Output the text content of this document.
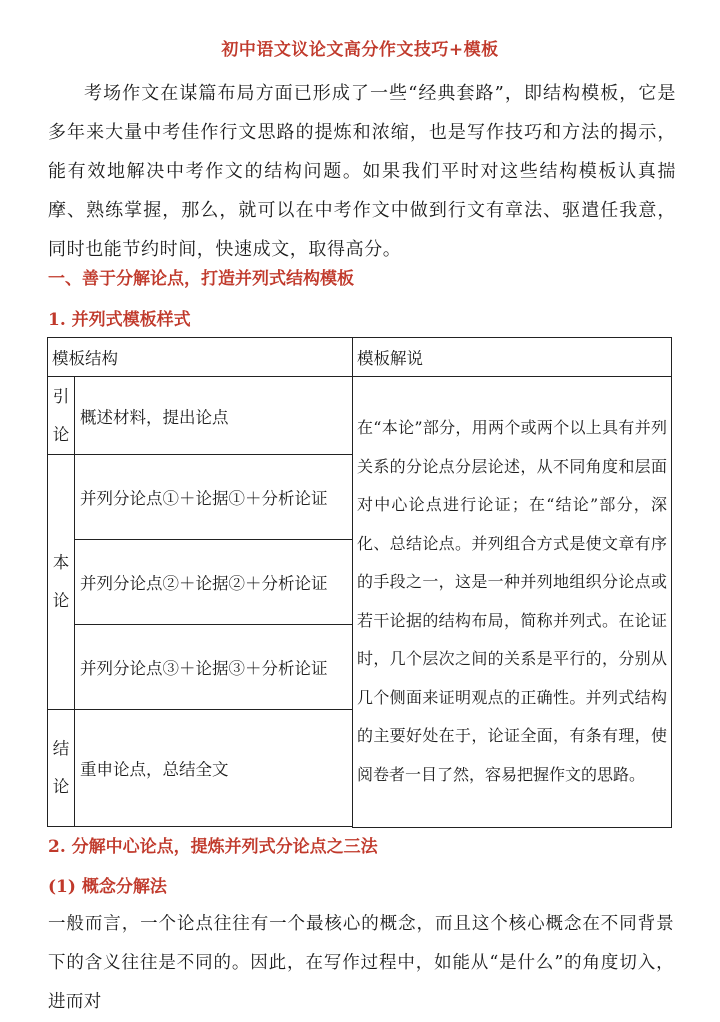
初中语文议论文高分作文技巧+模板

考场作文在谋篇布局方面已形成了一些“经典套路”，即结构模板，它是多年来大量中考佳作行文思路的提炼和浓缩，也是写作技巧和方法的揭示，能有效地解决中考作文的结构问题。如果我们平时对这些结构模板认真揣摩、熟练掌握，那么，就可以在中考作文中做到行文有章法、驱遣任我意，同时也能节约时间，快速成文，取得高分。

一、善于分解论点，打造并列式结构模板

1. 并列式模板样式

模板结构		模板解说
引论	概述材料，提出论点	在“本论”部分，用两个或两个以上具有并列关系的分论点分层论述，从不同角度和层面对中心论点进行论证；在“结论”部分，深化、总结论点。并列组合方式是使文章有序的手段之一，这是一种并列地组织分论点或若干论据的结构布局，简称并列式。在论证时，几个层次之间的关系是平行的，分别从几个侧面来证明观点的正确性。并列式结构的主要好处在于，论证全面，有条有理，使阅卷者一目了然，容易把握作文的思路。
本论	并列分论点①＋论据①＋分析论证	
	并列分论点②＋论据②＋分析论证	
	并列分论点③＋论据③＋分析论证	
结论	重申论点，总结全文	

2. 分解中心论点，提炼并列式分论点之三法

(1) 概念分解法

一般而言，一个论点往往有一个最核心的概念，而且这个核心概念在不同背景下的含义往往是不同的。因此，在写作过程中，如能从“是什么”的角度切入，进而对
